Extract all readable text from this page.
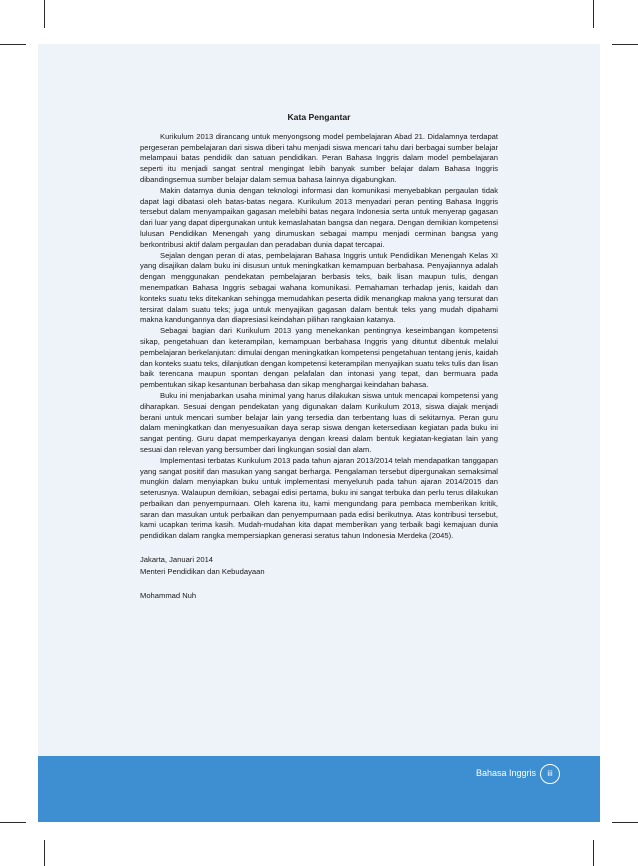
Kata Pengantar

Kurikulum 2013 dirancang untuk menyongsong model pembelajaran Abad 21. Didalamnya terdapat pergeseran pembelajaran dari siswa diberi tahu menjadi siswa mencari tahu dari berbagai sumber belajar melampaui batas pendidik dan satuan pendidikan. Peran Bahasa Inggris dalam model pembelajaran seperti itu menjadi sangat sentral mengingat lebih banyak sumber belajar dalam Bahasa Inggris dibandingsemua sumber belajar dalam semua bahasa lainnya digabungkan.

Makin datarnya dunia dengan teknologi informasi dan komunikasi menyebabkan pergaulan tidak dapat lagi dibatasi oleh batas-batas negara. Kurikulum 2013 menyadari peran penting Bahasa Inggris tersebut dalam menyampaikan gagasan melebihi batas negara Indonesia serta untuk menyerap gagasan dari luar yang dapat dipergunakan untuk kemaslahatan bangsa dan negara. Dengan demikian kompetensi lulusan Pendidikan Menengah yang dirumuskan sebagai mampu menjadi cerminan bangsa yang berkontribusi aktif dalam pergaulan dan peradaban dunia dapat tercapai.

Sejalan dengan peran di atas, pembelajaran Bahasa Inggris untuk Pendidikan Menengah Kelas XI yang disajikan dalam buku ini disusun untuk meningkatkan kemampuan berbahasa. Penyajiannya adalah dengan menggunakan pendekatan pembelajaran berbasis teks, baik lisan maupun tulis, dengan menempatkan Bahasa Inggris sebagai wahana komunikasi. Pemahaman terhadap jenis, kaidah dan konteks suatu teks ditekankan sehingga memudahkan peserta didik menangkap makna yang tersurat dan tersirat dalam suatu teks; juga untuk menyajikan gagasan dalam bentuk teks yang mudah dipahami makna kandungannya dan diapresiasi keindahan pilihan rangkaian katanya.

Sebagai bagian dari Kurikulum 2013 yang menekankan pentingnya keseimbangan kompetensi sikap, pengetahuan dan keterampilan, kemampuan berbahasa Inggris yang dituntut dibentuk melalui pembelajaran berkelanjutan: dimulai dengan meningkatkan kompetensi pengetahuan tentang jenis, kaidah dan konteks suatu teks, dilanjutkan dengan kompetensi keterampilan menyajikan suatu teks tulis dan lisan baik terencana maupun spontan dengan pelafalan dan intonasi yang tepat, dan bermuara pada pembentukan sikap kesantunan berbahasa dan sikap menghargai keindahan bahasa.

Buku ini menjabarkan usaha minimal yang harus dilakukan siswa untuk mencapai kompetensi yang diharapkan. Sesuai dengan pendekatan yang digunakan dalam Kurikulum 2013, siswa diajak menjadi berani untuk mencari sumber belajar lain yang tersedia dan terbentang luas di sekitarnya. Peran guru dalam meningkatkan dan menyesuaikan daya serap siswa dengan ketersediaan kegiatan pada buku ini sangat penting. Guru dapat memperkayanya dengan kreasi dalam bentuk kegiatan-kegiatan lain yang sesuai dan relevan yang bersumber dari lingkungan sosial dan alam.

Implementasi terbatas Kurikulum 2013 pada tahun ajaran 2013/2014 telah mendapatkan tanggapan yang sangat positif dan masukan yang sangat berharga. Pengalaman tersebut dipergunakan semaksimal mungkin dalam menyiapkan buku untuk implementasi menyeluruh pada tahun ajaran 2014/2015 dan seterusnya. Walaupun demikian, sebagai edisi pertama, buku ini sangat terbuka dan perlu terus dilakukan perbaikan dan penyempurnaan. Oleh karena itu, kami mengundang para pembaca memberikan kritik, saran dan masukan untuk perbaikan dan penyempurnaan pada edisi berikutnya. Atas kontribusi tersebut, kami ucapkan terima kasih. Mudah-mudahan kita dapat memberikan yang terbaik bagi kemajuan dunia pendidikan dalam rangka mempersiapkan generasi seratus tahun Indonesia Merdeka (2045).

Jakarta, Januari 2014

Menteri Pendidikan dan Kebudayaan

Mohammad Nuh

Bahasa Inggris	iii
